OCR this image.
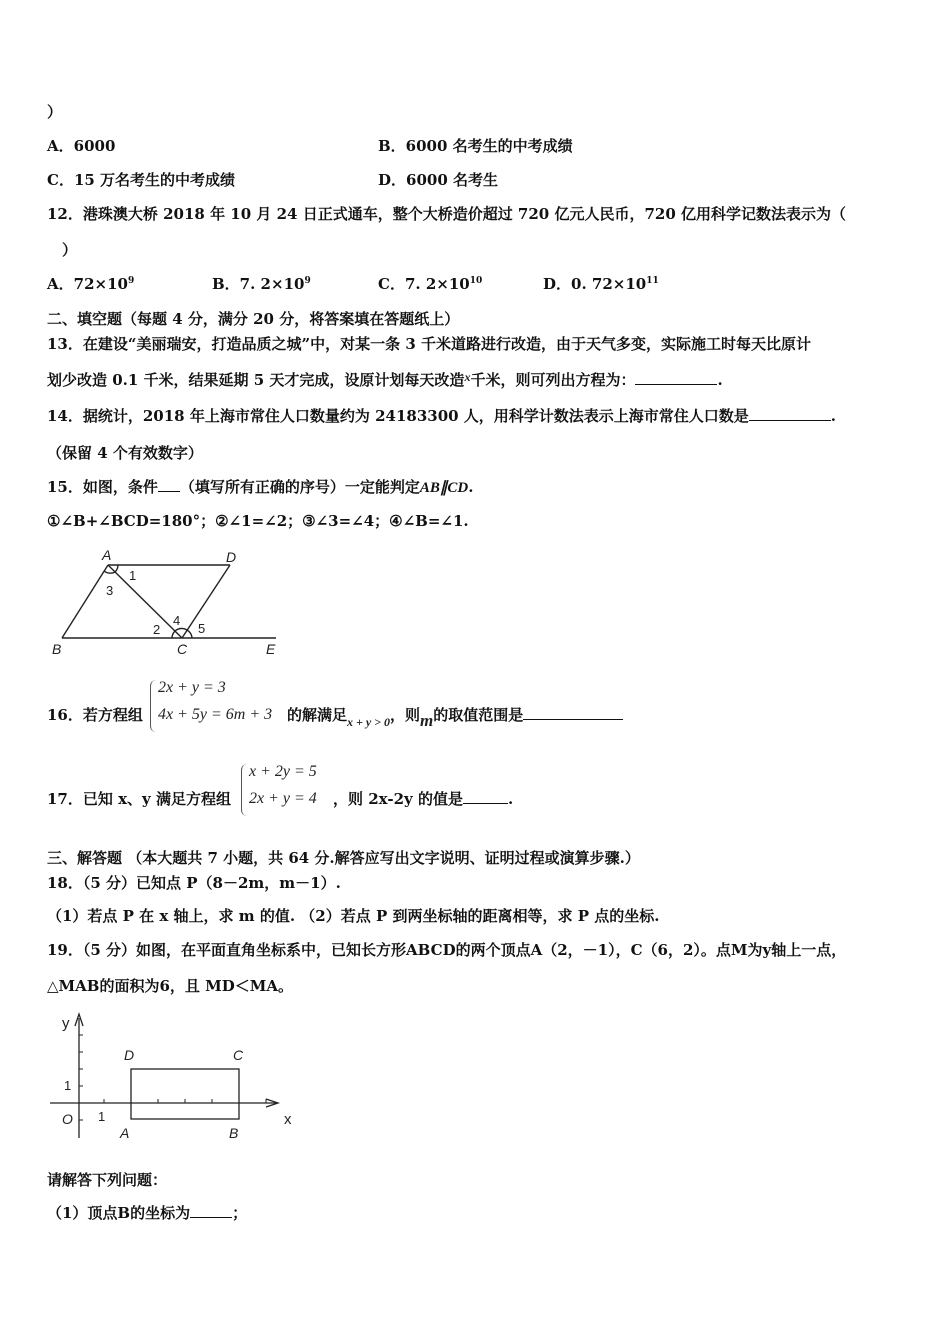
）
A．6000	B．6000 名考生的中考成绩
C．15 万名考生的中考成绩	D．6000 名考生
12．港珠澳大桥 2018 年 10 月 24 日正式通车，整个大桥造价超过 720 亿元人民币，720 亿用科学记数法表示为（
）
A．$72\times 10^9$	B．7. $2\times 10^9$	C．7. $2\times 10^{10}$	D．0. $72\times 10^{11}$
二、填空题（每题 4 分，满分 20 分，将答案填在答题纸上）
13．在建设“美丽瑞安，打造品质之城”中，对某一条 3 千米道路进行改造，由于天气多变，实际施工时每天比原计
划少改造 0.1 千米，结果延期 5 天才完成，设原计划每天改造$^x$千米，则可列出方程为：	.
14．据统计，2018 年上海市常住人口数量约为 24183300 人，用科学计数法表示上海市常住人口数是	.
（保留 4 个有效数字）
15．如图，条件 （填写所有正确的序号）一定能判定AB∥CD.
①∠B+∠BCD=180°；②∠1=∠2；③∠3=∠4；④∠B=∠1.
A	D
B	C	E
1
3
2
4
5
16．若方程组
2x + y = 3
4x + 5y = 6m + 3 的解满足$_{x + y > 0}$，则m的取值范围是
17．已知 x、y 满足方程组
x + 2y = 5
2x + y = 4 ，则 2x-2y 的值是	.
三、解答题 （本大题共 7 小题，共 64 分.解答应写出文字说明、证明过程或演算步骤.）
18．（5 分）已知点 P（8－2m，m－1）.
（1）若点 P 在 x 轴上，求 m 的值. （2）若点 P 到两坐标轴的距离相等，求 P 点的坐标.
19．（5 分）如图，在平面直角坐标系中，已知长方形ABCD的两个顶点A（2，－1），C（6，2）。点M为y轴上一点，
△MAB的面积为6，且 MD＜MA。
y
x
O
D	C
A	B
1
1
请解答下列问题：
（1）顶点B的坐标为	；
